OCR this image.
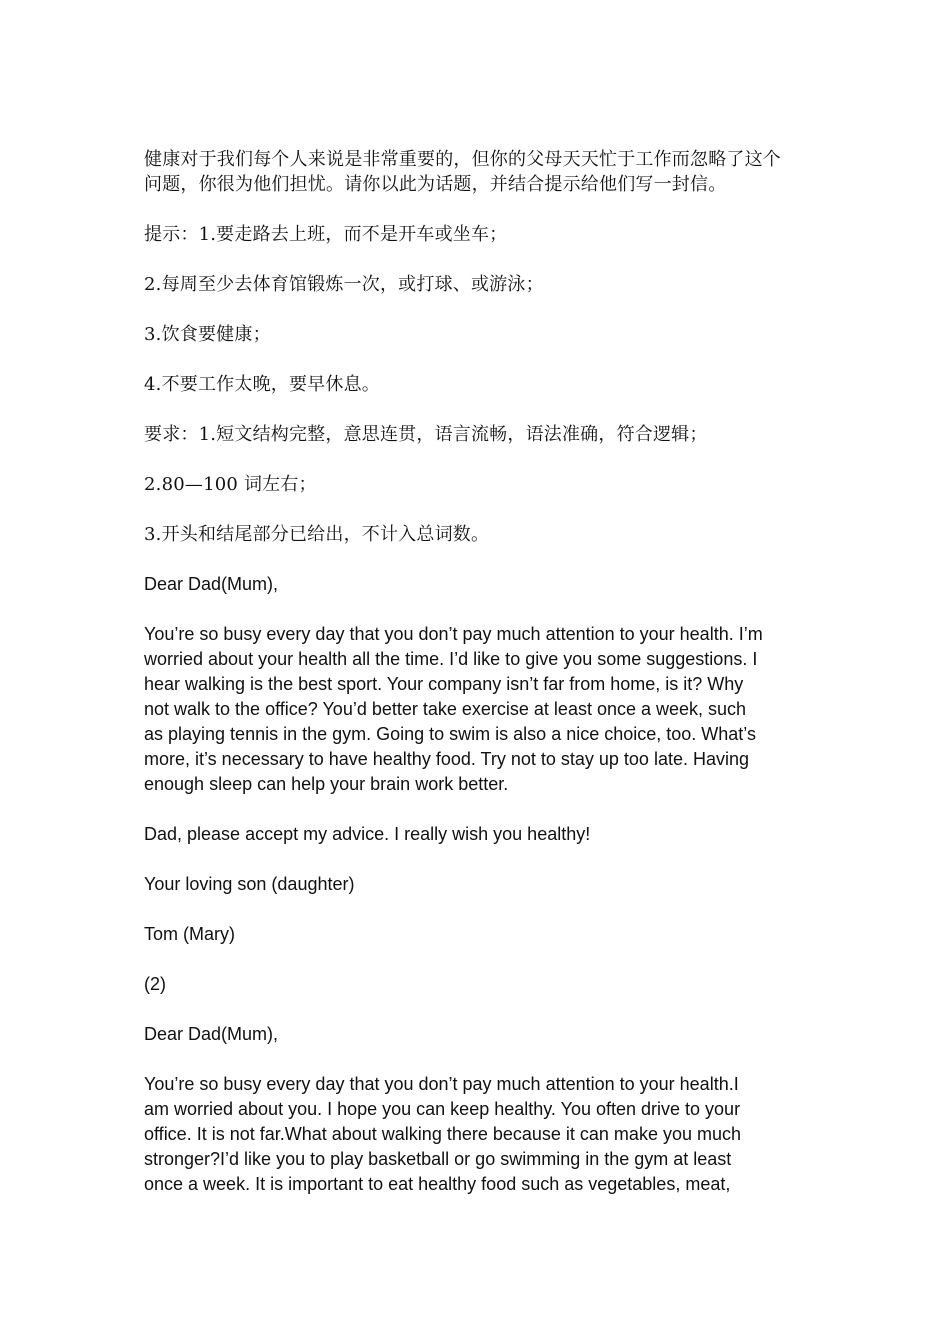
健康对于我们每个人来说是非常重要的，但你的父母天天忙于工作而忽略了这个
问题，你很为他们担忧。请你以此为话题，并结合提示给他们写一封信。
提示：1.要走路去上班，而不是开车或坐车；
2.每周至少去体育馆锻炼一次，或打球、或游泳；
3.饮食要健康；
4.不要工作太晚，要早休息。
要求：1.短文结构完整，意思连贯，语言流畅，语法准确，符合逻辑；
2.80—100 词左右；
3.开头和结尾部分已给出，不计入总词数。
Dear Dad(Mum),
You’re so busy every day that you don’t pay much attention to your health. I’m
worried about your health all the time. I’d like to give you some suggestions. I
hear walking is the best sport. Your company isn’t far from home, is it? Why
not walk to the office? You’d better take exercise at least once a week, such
as playing tennis in the gym. Going to swim is also a nice choice, too. What’s
more, it’s necessary to have healthy food. Try not to stay up too late. Having
enough sleep can help your brain work better.
Dad, please accept my advice. I really wish you healthy!
Your loving son (daughter)
Tom (Mary)
(2)
Dear Dad(Mum),
You’re so busy every day that you don’t pay much attention to your health.I
am worried about you. I hope you can keep healthy. You often drive to your
office. It is not far.What about walking there because it can make you much
stronger?I’d like you to play basketball or go swimming in the gym at least
once a week. It is important to eat healthy food such as vegetables, meat,
